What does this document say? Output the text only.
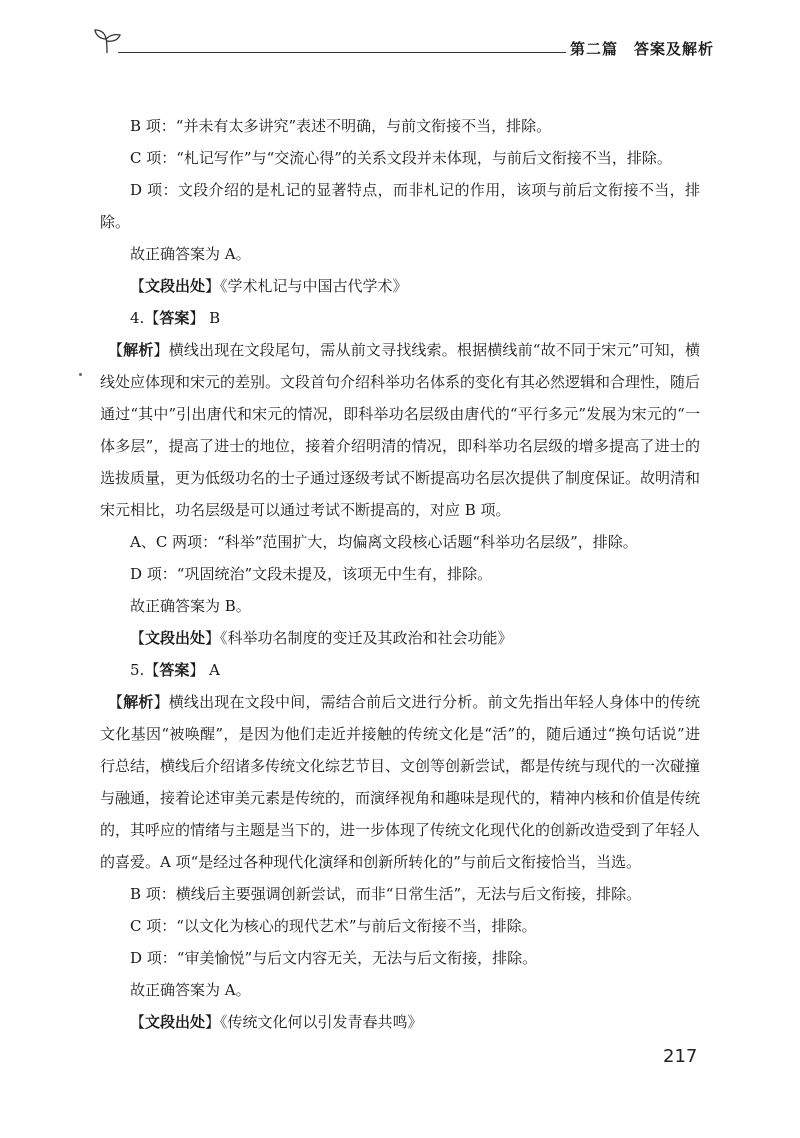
第二篇　答案及解析

B 项：“并未有太多讲究”表述不明确，与前文衔接不当，排除。

C 项：“札记写作”与“交流心得”的关系文段并未体现，与前后文衔接不当，排除。

D 项：文段介绍的是札记的显著特点，而非札记的作用，该项与前后文衔接不当，排除。

故正确答案为 A。

【文段出处】《学术札记与中国古代学术》

4.【答案】 B

【解析】横线出现在文段尾句，需从前文寻找线索。根据横线前“故不同于宋元”可知，横线处应体现和宋元的差别。文段首句介绍科举功名体系的变化有其必然逻辑和合理性，随后通过“其中”引出唐代和宋元的情况，即科举功名层级由唐代的“平行多元”发展为宋元的“一体多层”，提高了进士的地位，接着介绍明清的情况，即科举功名层级的增多提高了进士的选拔质量，更为低级功名的士子通过逐级考试不断提高功名层次提供了制度保证。故明清和宋元相比，功名层级是可以通过考试不断提高的，对应 B 项。

A、C 两项：“科举”范围扩大，均偏离文段核心话题“科举功名层级”，排除。

D 项：“巩固统治”文段未提及，该项无中生有，排除。

故正确答案为 B。

【文段出处】《科举功名制度的变迁及其政治和社会功能》

5.【答案】 A

【解析】横线出现在文段中间，需结合前后文进行分析。前文先指出年轻人身体中的传统文化基因“被唤醒”，是因为他们走近并接触的传统文化是“活”的，随后通过“换句话说”进行总结，横线后介绍诸多传统文化综艺节目、文创等创新尝试，都是传统与现代的一次碰撞与融通，接着论述审美元素是传统的，而演绎视角和趣味是现代的，精神内核和价值是传统的，其呼应的情绪与主题是当下的，进一步体现了传统文化现代化的创新改造受到了年轻人的喜爱。A 项“是经过各种现代化演绎和创新所转化的”与前后文衔接恰当，当选。

B 项：横线后主要强调创新尝试，而非“日常生活”，无法与后文衔接，排除。

C 项：“以文化为核心的现代艺术”与前后文衔接不当，排除。

D 项：“审美愉悦”与后文内容无关，无法与后文衔接，排除。

故正确答案为 A。

【文段出处】《传统文化何以引发青春共鸣》

217
